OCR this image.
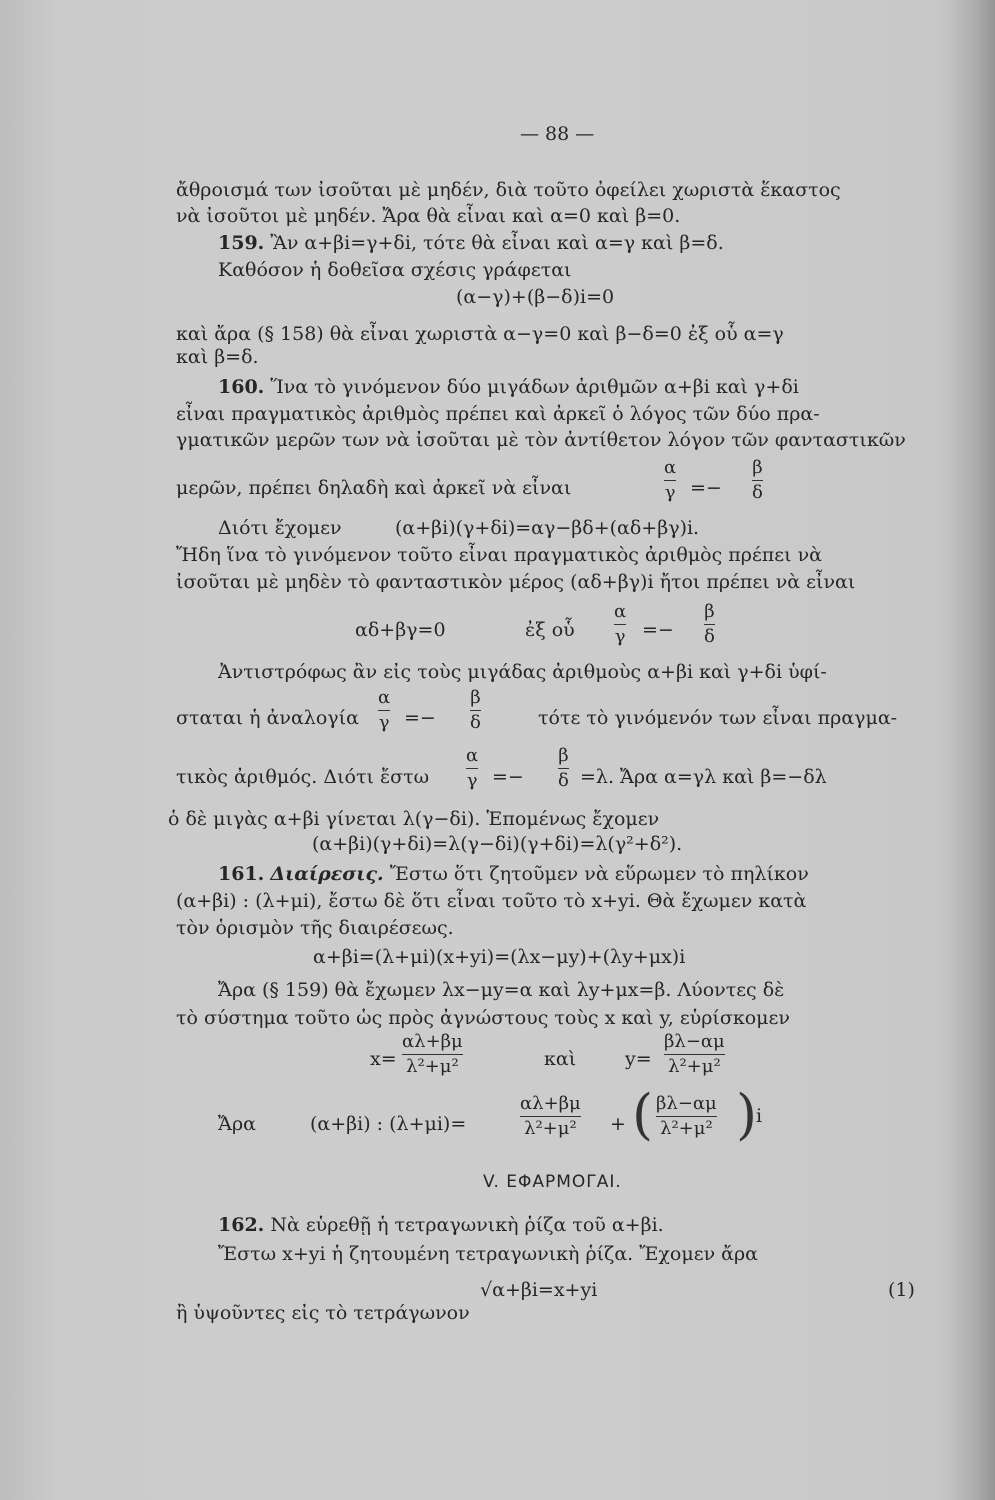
— 88 —
ἄθροισμά των ἰσοῦται μὲ μηδέν, διὰ τοῦτο ὀφείλει χωριστὰ ἕκαστος
νὰ ἰσοῦτοι μὲ μηδέν. Ἄρα θὰ εἶναι καὶ α=0 καὶ β=0.
159. Ἂν α+βi=γ+δi, τότε θὰ εἶναι καὶ α=γ καὶ β=δ.
Καθόσον ἡ δοθεῖσα σχέσις γράφεται
(α−γ)+(β−δ)i=0
καὶ ἄρα (§ 158) θὰ εἶναι χωριστὰ α−γ=0 καὶ β−δ=0 ἐξ οὗ α=γ
καὶ β=δ.
160. Ἵνα τὸ γινόμενον δύο μιγάδων ἀριθμῶν α+βi καὶ γ+δi
εἶναι πραγματικὸς ἀριθμὸς πρέπει καὶ ἀρκεῖ ὁ λόγος τῶν δύο πρα-
γματικῶν μερῶν των νὰ ἰσοῦται μὲ τὸν ἀντίθετον λόγον τῶν φανταστικῶν
μερῶν, πρέπει δηλαδὴ καὶ ἀρκεῖ νὰ εἶναι
α
γ =−
β
δ
Διότι ἔχομεν	(α+βi)(γ+δi)=αγ−βδ+(αδ+βγ)i.
Ἤδη ἵνα τὸ γινόμενον τοῦτο εἶναι πραγματικὸς ἀριθμὸς πρέπει νὰ
ἰσοῦται μὲ μηδὲν τὸ φανταστικὸν μέρος (αδ+βγ)i ἤτοι πρέπει νὰ εἶναι
αδ+βγ=0	ἐξ οὗ
α
γ =−
β
δ
Ἀντιστρόφως ἂν εἰς τοὺς μιγάδας ἀριθμοὺς α+βi καὶ γ+δi ὑφί-
σταται ἡ ἀναλογία
α
γ =−
β
δ	τότε τὸ γινόμενόν των εἶναι πραγμα-
τικὸς ἀριθμός. Διότι ἔστω
α
γ =−
β
δ =λ. Ἄρα α=γλ καὶ β=−δλ
ὁ δὲ μιγὰς α+βi γίνεται λ(γ−δi). Ἑπομένως ἔχομεν
(α+βi)(γ+δi)=λ(γ−δi)(γ+δi)=λ(γ²+δ²).
161. Διαίρεσις. Ἔστω ὅτι ζητοῦμεν νὰ εὕρωμεν τὸ πηλίκον
(α+βi) : (λ+μi), ἔστω δὲ ὅτι εἶναι τοῦτο τὸ x+yi. Θὰ ἔχωμεν κατὰ
τὸν ὁρισμὸν τῆς διαιρέσεως.
α+βi=(λ+μi)(x+yi)=(λx−μy)+(λy+μx)i
Ἄρα (§ 159) θὰ ἔχωμεν λx−μy=α καὶ λy+μx=β. Λύοντες δὲ
τὸ σύστημα τοῦτο ὡς πρὸς ἀγνώστους τοὺς x καὶ y, εὑρίσκομεν
x=
αλ+βμ
λ²+μ²	καὶ	y=
βλ−αμ
λ²+μ²
Ἄρα	(α+βi) : (λ+μi)=
αλ+βμ
λ²+μ² + ( βλ−αμ
λ²+μ² )
i
V. ΕΦΑΡΜΟΓΑΙ.
162. Νὰ εὑρεθῇ ἡ τετραγωνικὴ ῥίζα τοῦ α+βi.
Ἔστω x+yi ἡ ζητουμένη τετραγωνικὴ ῥίζα. Ἔχομεν ἄρα
√α+βi=x+yi	(1)
ἢ ὑψοῦντες εἰς τὸ τετράγωνον
